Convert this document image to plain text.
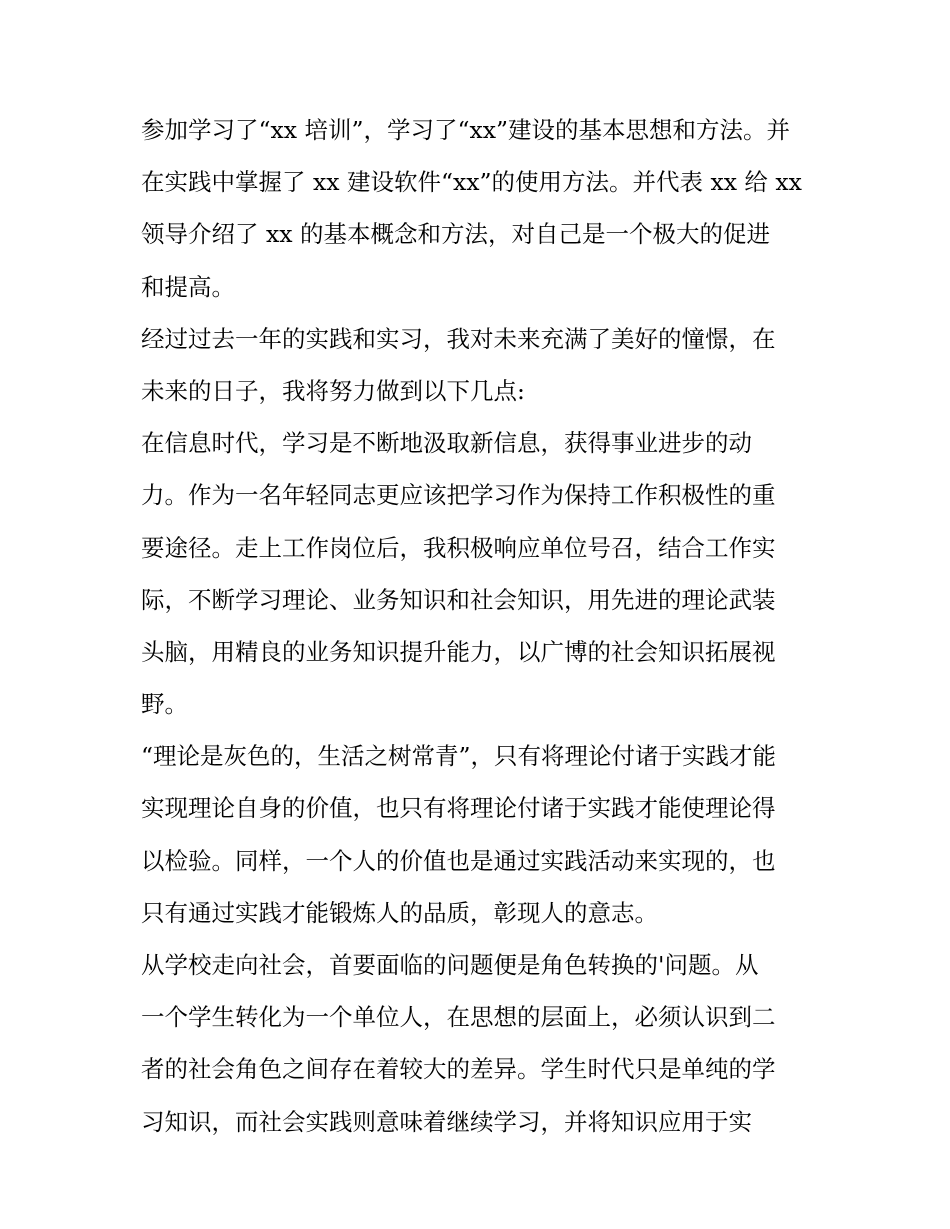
参加学习了“xx 培训”，学习了“xx”建设的基本思想和方法。并
在实践中掌握了 xx 建设软件“xx”的使用方法。并代表 xx 给 xx
领导介绍了 xx 的基本概念和方法，对自己是一个极大的促进
和提高。
经过过去一年的实践和实习，我对未来充满了美好的憧憬，在
未来的日子，我将努力做到以下几点:
在信息时代，学习是不断地汲取新信息，获得事业进步的动
力。作为一名年轻同志更应该把学习作为保持工作积极性的重
要途径。走上工作岗位后，我积极响应单位号召，结合工作实
际，不断学习理论、业务知识和社会知识，用先进的理论武装
头脑，用精良的业务知识提升能力，以广博的社会知识拓展视
野。
“理论是灰色的，生活之树常青”，只有将理论付诸于实践才能
实现理论自身的价值，也只有将理论付诸于实践才能使理论得
以检验。同样，一个人的价值也是通过实践活动来实现的，也
只有通过实践才能锻炼人的品质，彰现人的意志。
从学校走向社会，首要面临的问题便是角色转换的'问题。从
一个学生转化为一个单位人，在思想的层面上，必须认识到二
者的社会角色之间存在着较大的差异。学生时代只是单纯的学
习知识，而社会实践则意味着继续学习，并将知识应用于实
